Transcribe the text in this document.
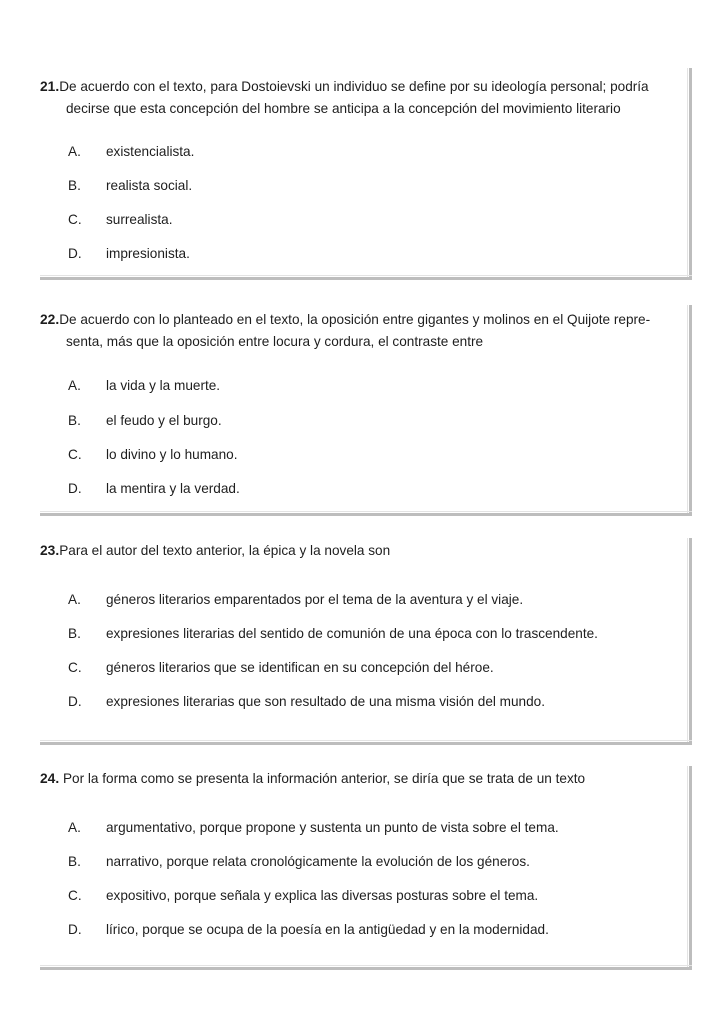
21.De acuerdo con el texto, para Dostoievski un individuo se define por su ideología personal; podría
decirse que esta concepción del hombre se anticipa a la concepción del movimiento literario
A. existencialista.
B. realista social.
C. surrealista.
D. impresionista.
22.De acuerdo con lo planteado en el texto, la oposición entre gigantes y molinos en el Quijote repre-
senta, más que la oposición entre locura y cordura, el contraste entre
A. la vida y la muerte.
B. el feudo y el burgo.
C. lo divino y lo humano.
D. la mentira y la verdad.
23.Para el autor del texto anterior, la épica y la novela son
A. géneros literarios emparentados por el tema de la aventura y el viaje.
B. expresiones literarias del sentido de comunión de una época con lo trascendente.
C. géneros literarios que se identifican en su concepción del héroe.
D. expresiones literarias que son resultado de una misma visión del mundo.
24. Por la forma como se presenta la información anterior, se diría que se trata de un texto
A. argumentativo, porque propone y sustenta un punto de vista sobre el tema.
B. narrativo, porque relata cronológicamente la evolución de los géneros.
C. expositivo, porque señala y explica las diversas posturas sobre el tema.
D. lírico, porque se ocupa de la poesía en la antigüedad y en la modernidad.
